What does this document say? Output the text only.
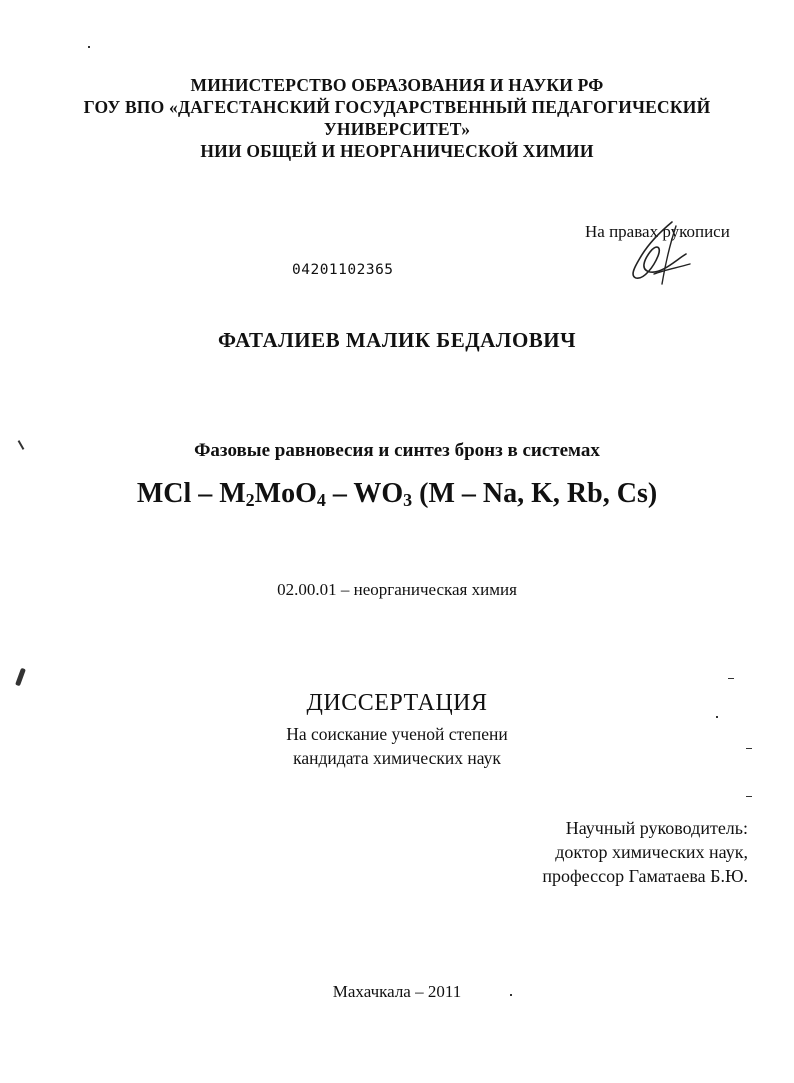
МИНИСТЕРСТВО ОБРАЗОВАНИЯ И НАУКИ РФ
ГОУ ВПО «ДАГЕСТАНСКИЙ ГОСУДАРСТВЕННЫЙ ПЕДАГОГИЧЕСКИЙ
УНИВЕРСИТЕТ»
НИИ ОБЩЕЙ И НЕОРГАНИЧЕСКОЙ ХИМИИ
На правах рукописи
04201102365
ФАТАЛИЕВ МАЛИК БЕДАЛОВИЧ
Фазовые равновесия и синтез бронз в системах
MCl – $M_2MoO_4 - WO_3$ (M – Na, K, Rb, Cs)
02.00.01 – неорганическая химия
ДИССЕРТАЦИЯ
На соискание ученой степени
кандидата химических наук
Научный руководитель:
доктор химических наук,
профессор Гаматаева Б.Ю.
Махачкала – 2011
